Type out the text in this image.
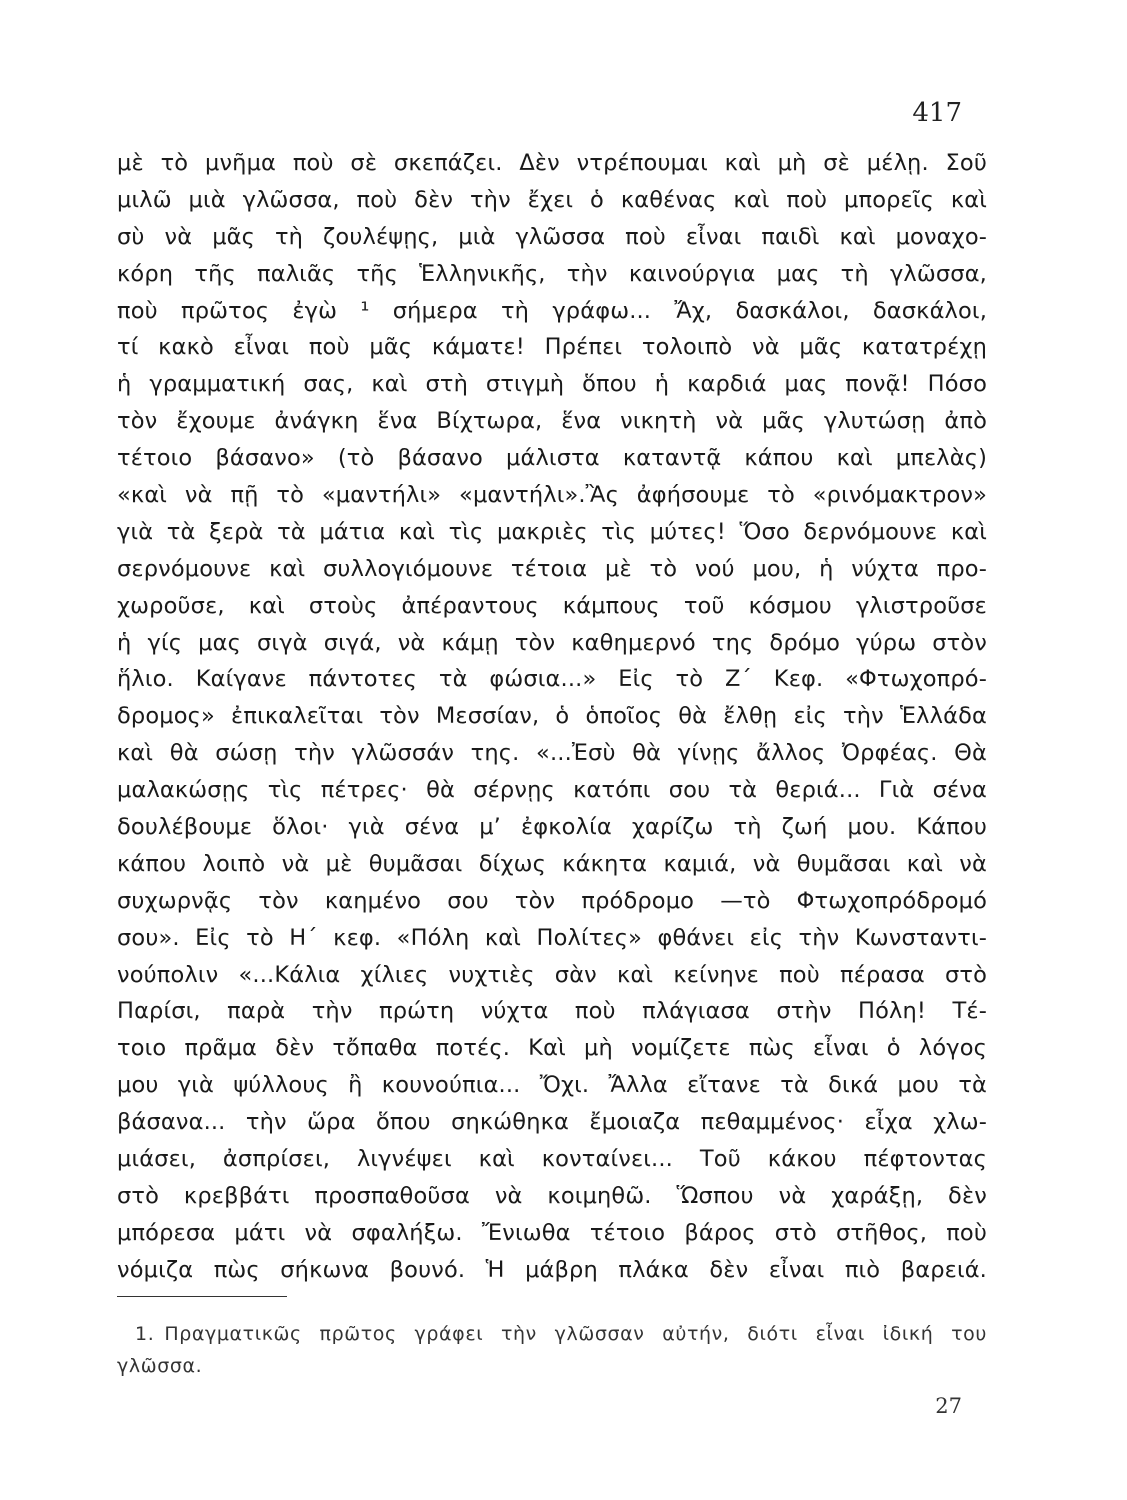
417
μὲ τὸ μνῆμα ποὺ σὲ σκεπάζει. Δὲν ντρέπουμαι καὶ μὴ σὲ μέλῃ. Σοῦ
μιλῶ μιὰ γλῶσσα, ποὺ δὲν τὴν ἔχει ὁ καθένας καὶ ποὺ μπορεῖς καὶ
σὺ νὰ μᾶς τὴ ζουλέψῃς, μιὰ γλῶσσα ποὺ εἶναι παιδὶ καὶ μοναχο-
κόρη τῆς παλιᾶς τῆς Ἑλληνικῆς, τὴν καινούργια μας τὴ γλῶσσα,
ποὺ πρῶτος ἐγὼ ¹ σήμερα τὴ γράφω... Ἄχ, δασκάλοι, δασκάλοι,
τί κακὸ εἶναι ποὺ μᾶς κάματε! Πρέπει τολοιπὸ νὰ μᾶς κατατρέχῃ
ἡ γραμματική σας, καὶ στὴ στιγμὴ ὅπου ἡ καρδιά μας πονᾷ! Πόσο
τὸν ἔχουμε ἀνάγκη ἕνα Βίχτωρα, ἕνα νικητὴ νὰ μᾶς γλυτώσῃ ἀπὸ
τέτοιο βάσανο» (τὸ βάσανο μάλιστα καταντᾷ κάπου καὶ μπελὰς)
«καὶ νὰ πῇ τὸ «μαντήλι» «μαντήλι».Ἂς ἀφήσουμε τὸ «ρινόμακτρον»
γιὰ τὰ ξερὰ τὰ μάτια καὶ τὶς μακριὲς τὶς μύτες! Ὅσο δερνόμουνε καὶ
σερνόμουνε καὶ συλλογιόμουνε τέτοια μὲ τὸ νού μου, ἡ νύχτα προ-
χωροῦσε, καὶ στοὺς ἀπέραντους κάμπους τοῦ κόσμου γλιστροῦσε
ἡ γίς μας σιγὰ σιγά, νὰ κάμῃ τὸν καθημερνό της δρόμο γύρω στὸν
ἥλιο. Καίγανε πάντοτες τὰ φώσια...» Εἰς τὸ Ζ΄ Κεφ. «Φτωχοπρό-
δρομος» ἐπικαλεῖται τὸν Μεσσίαν, ὁ ὁποῖος θὰ ἔλθῃ εἰς τὴν Ἑλλάδα
καὶ θὰ σώσῃ τὴν γλῶσσάν της. «...Ἐσὺ θὰ γίνῃς ἄλλος Ὀρφέας. Θὰ
μαλακώσῃς τὶς πέτρες· θὰ σέρνῃς κατόπι σου τὰ θεριά... Γιὰ σένα
δουλέβουμε ὅλοι· γιὰ σένα μ’ ἐφκολία χαρίζω τὴ ζωή μου. Κάπου
κάπου λοιπὸ νὰ μὲ θυμᾶσαι δίχως κάκητα καμιά, νὰ θυμᾶσαι καὶ νὰ
συχωρνᾷς τὸν καημένο σου τὸν πρόδρομο —τὸ Φτωχοπρόδρομό
σου». Εἰς τὸ Η΄ κεφ. «Πόλη καὶ Πολίτες» φθάνει εἰς τὴν Κωνσταντι-
νούπολιν «...Κάλια χίλιες νυχτιὲς σὰν καὶ κείνηνε ποὺ πέρασα στὸ
Παρίσι, παρὰ τὴν πρώτη νύχτα ποὺ πλάγιασα στὴν Πόλη! Τέ-
τοιο πρᾶμα δὲν τὄπαθα ποτές. Καὶ μὴ νομίζετε πὼς εἶναι ὁ λόγος
μου γιὰ ψύλλους ἢ κουνούπια... Ὄχι. Ἄλλα εἴτανε τὰ δικά μου τὰ
βάσανα... τὴν ὥρα ὅπου σηκώθηκα ἔμοιαζα πεθαμμένος· εἶχα χλω-
μιάσει, ἀσπρίσει, λιγνέψει καὶ κονταίνει... Τοῦ κάκου πέφτοντας
στὸ κρεββάτι προσπαθοῦσα νὰ κοιμηθῶ. Ὥσπου νὰ χαράξῃ, δὲν
μπόρεσα μάτι νὰ σφαλήξω. Ἔνιωθα τέτοιο βάρος στὸ στῆθος, ποὺ
νόμιζα πὼς σήκωνα βουνό. Ἡ μάβρη πλάκα δὲν εἶναι πιὸ βαρειά.
1. Πραγματικῶς πρῶτος γράφει τὴν γλῶσσαν αὐτήν, διότι εἶναι ἰδική του
γλῶσσα.
27
